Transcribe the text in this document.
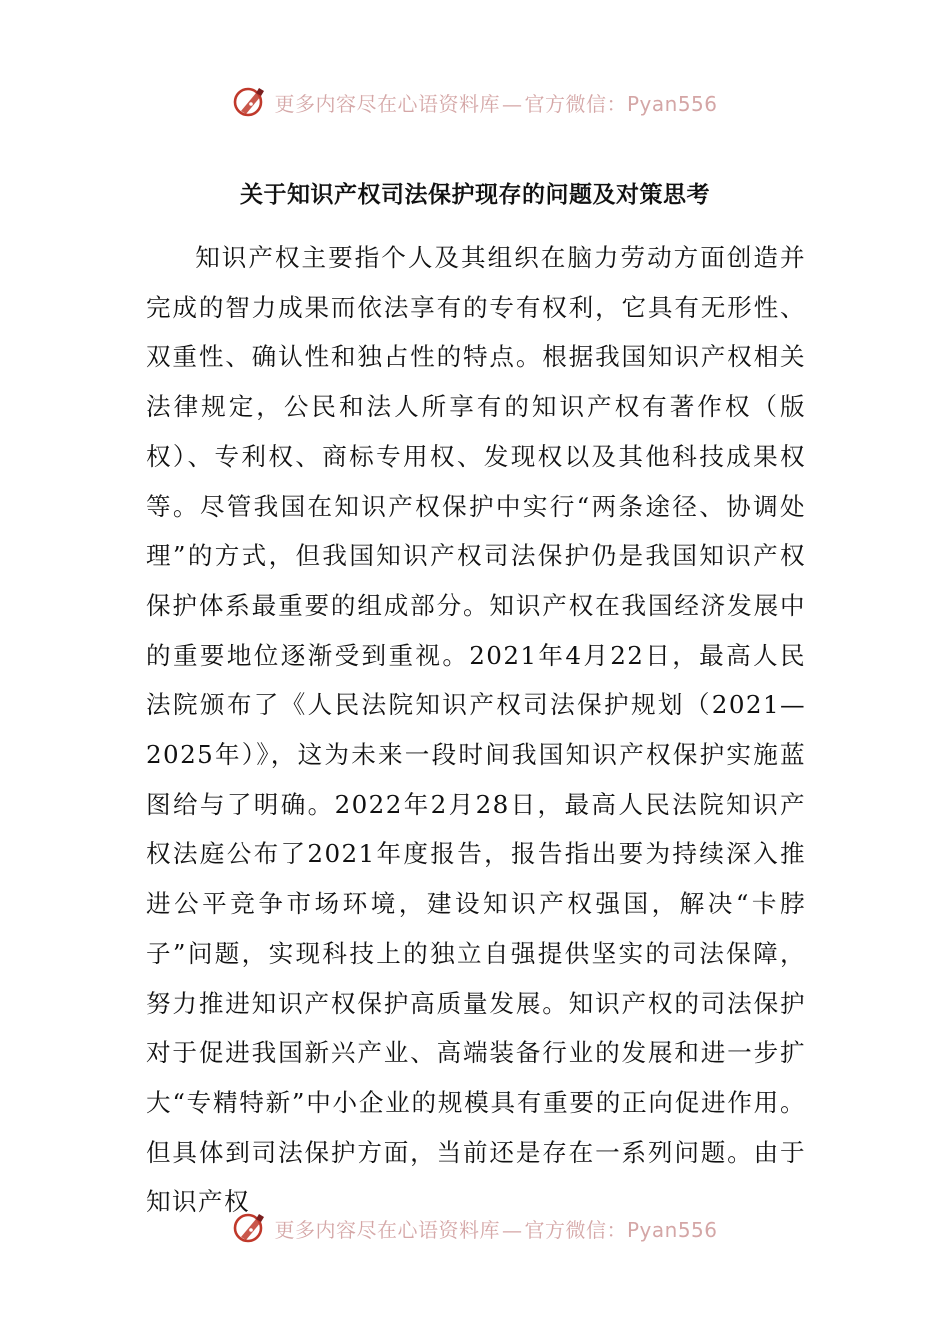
更多内容尽在心语资料库 — 官方微信：Pyan556
关于知识产权司法保护现存的问题及对策思考

知识产权主要指个人及其组织在脑力劳动方面创造并完成的智力成果而依法享有的专有权利，它具有无形性、双重性、确认性和独占性的特点。根据我国知识产权相关法律规定，公民和法人所享有的知识产权有著作权（版权）、专利权、商标专用权、发现权以及其他科技成果权等。尽管我国在知识产权保护中实行“两条途径、协调处理”的方式，但我国知识产权司法保护仍是我国知识产权保护体系最重要的组成部分。知识产权在我国经济发展中的重要地位逐渐受到重视。2021年4月22日，最高人民法院颁布了《人民法院知识产权司法保护规划（2021—2025年）》，这为未来一段时间我国知识产权保护实施蓝图给与了明确。2022年2月28日，最高人民法院知识产权法庭公布了2021年度报告，报告指出要为持续深入推进公平竞争市场环境，建设知识产权强国，解决“卡脖子”问题，实现科技上的独立自强提供坚实的司法保障，努力推进知识产权保护高质量发展。知识产权的司法保护对于促进我国新兴产业、高端装备行业的发展和进一步扩大“专精特新”中小企业的规模具有重要的正向促进作用。但具体到司法保护方面，当前还是存在一系列问题。由于知识产权

更多内容尽在心语资料库 — 官方微信：Pyan556
